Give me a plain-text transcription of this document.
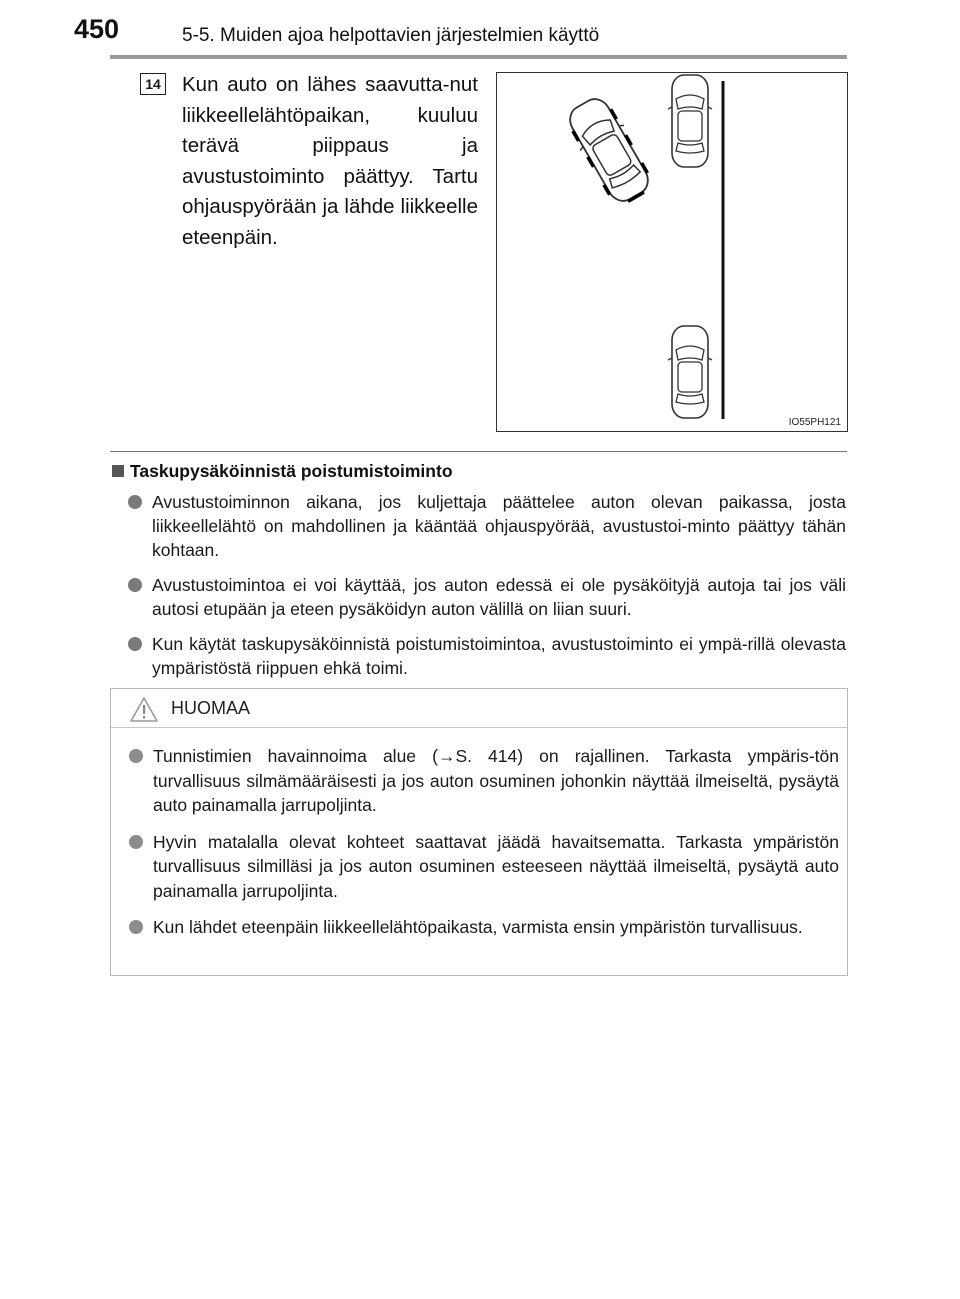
450	5-5. Muiden ajoa helpottavien järjestelmien käyttö
14 Kun auto on lähes saavutta-nut liikkeellelähtöpaikan, kuuluu terävä piippaus ja avustustoiminto päättyy. Tartu ohjauspyörään ja lähde liikkeelle eteenpäin.
IO55PH121
Taskupysäköinnistä poistumistoiminto
Avustustoiminnon aikana, jos kuljettaja päättelee auton olevan paikassa, josta liikkeellelähtö on mahdollinen ja kääntää ohjauspyörää, avustustoi-minto päättyy tähän kohtaan.
Avustustoimintoa ei voi käyttää, jos auton edessä ei ole pysäköityjä autoja tai jos väli autosi etupään ja eteen pysäköidyn auton välillä on liian suuri.
Kun käytät taskupysäköinnistä poistumistoimintoa, avustustoiminto ei ympä-rillä olevasta ympäristöstä riippuen ehkä toimi.
HUOMAA
Tunnistimien havainnoima alue (→S. 414) on rajallinen. Tarkasta ympäris-tön turvallisuus silmämääräisesti ja jos auton osuminen johonkin näyttää ilmeiseltä, pysäytä auto painamalla jarrupoljinta.
Hyvin matalalla olevat kohteet saattavat jäädä havaitsematta. Tarkasta ympäristön turvallisuus silmilläsi ja jos auton osuminen esteeseen näyttää ilmeiseltä, pysäytä auto painamalla jarrupoljinta.
Kun lähdet eteenpäin liikkeellelähtöpaikasta, varmista ensin ympäristön turvallisuus.
